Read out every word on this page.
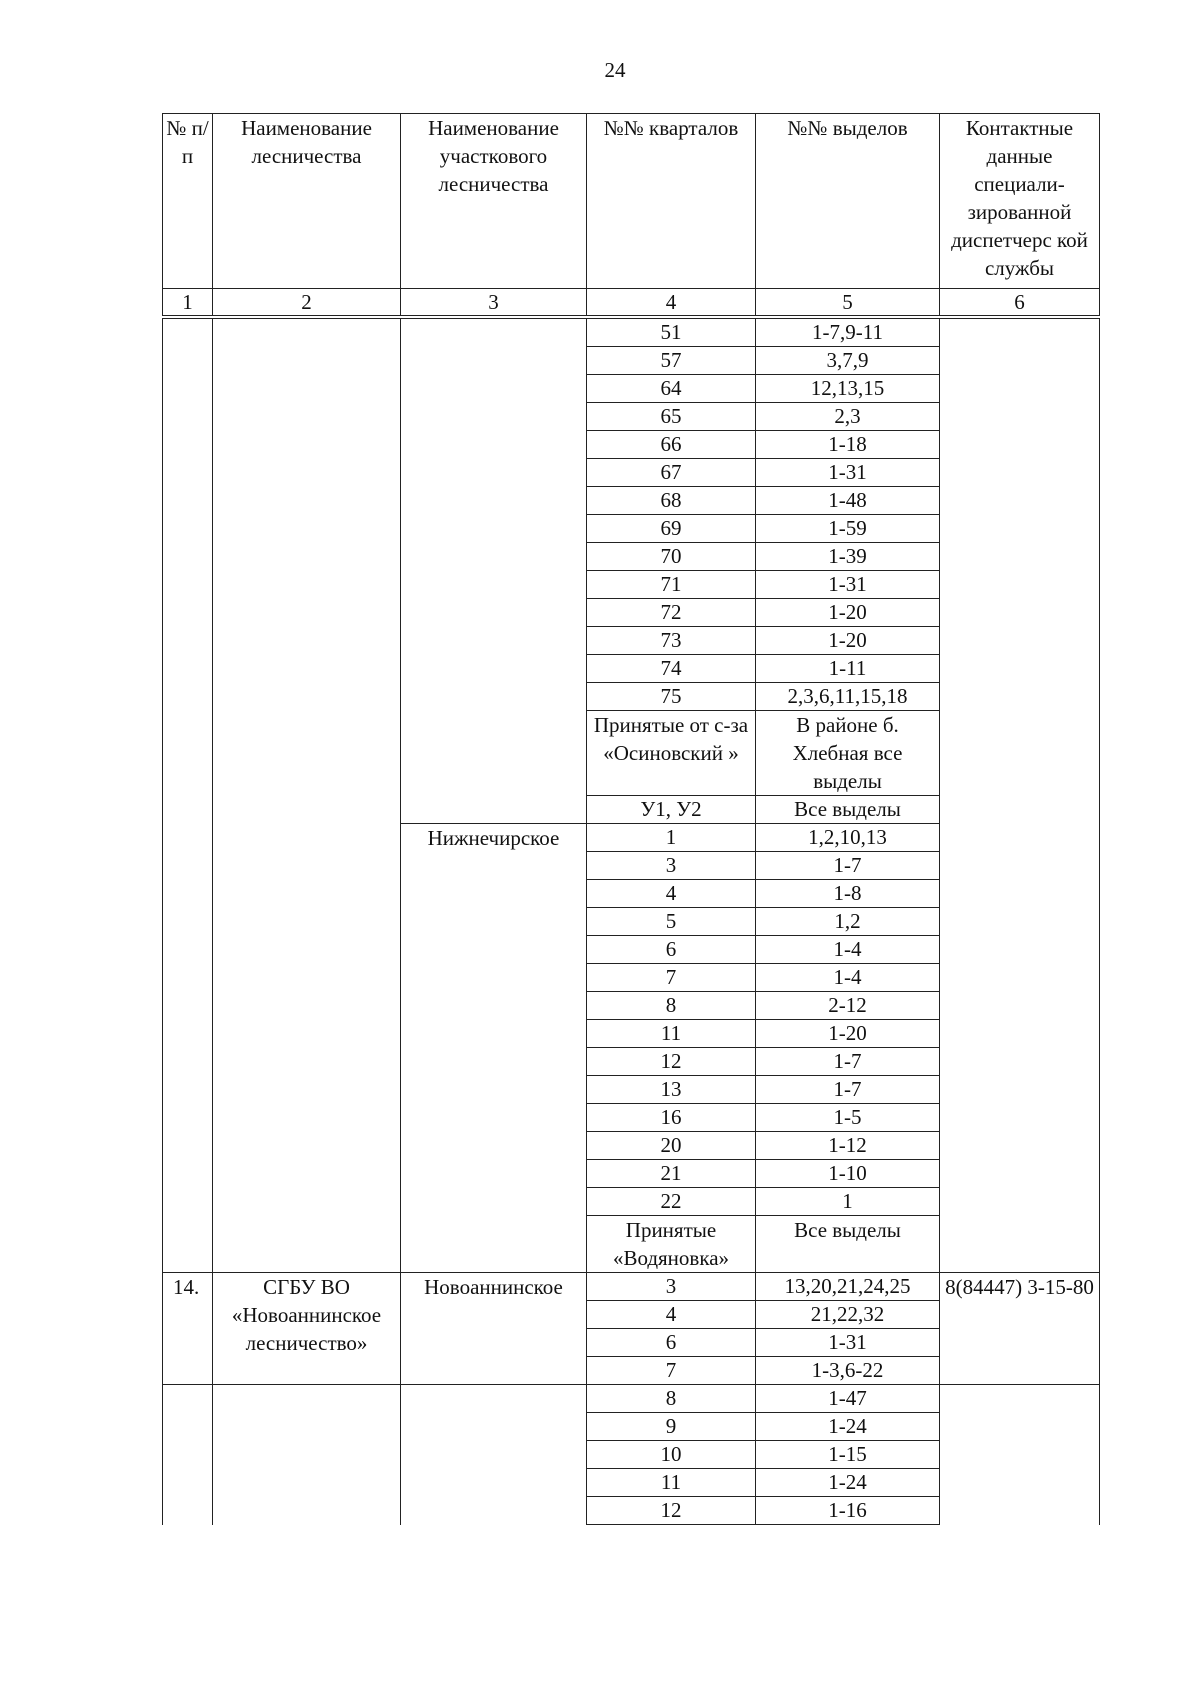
24
№ п/п	Наименование лесничества	Наименование участкового лесничества	№№ кварталов	№№ выделов	Контактные данные специали-зированной диспетчерс кой службы
1	2	3	4	5	6
			51	1-7,9-11	
			57	3,7,9	
			64	12,13,15	
			65	2,3	
			66	1-18	
			67	1-31	
			68	1-48	
			69	1-59	
			70	1-39	
			71	1-31	
			72	1-20	
			73	1-20	
			74	1-11	
			75	2,3,6,11,15,18	
			Принятые от с-за «Осиновский »	В районе б. Хлебная все выделы	
			У1, У2	Все выделы	
		Нижнечирское	1	1,2,10,13	
			3	1-7	
			4	1-8	
			5	1,2	
			6	1-4	
			7	1-4	
			8	2-12	
			11	1-20	
			12	1-7	
			13	1-7	
			16	1-5	
			20	1-12	
			21	1-10	
			22	1	
			Принятые «Водяновка»	Все выделы	
14.	СГБУ ВО «Новоаннинское лесничество»	Новоаннинское	3	13,20,21,24,25	8(84447) 3-15-80
			4	21,22,32	
			6	1-31	
			7	1-3,6-22	
			8	1-47	
			9	1-24	
			10	1-15	
			11	1-24	
			12	1-16	
